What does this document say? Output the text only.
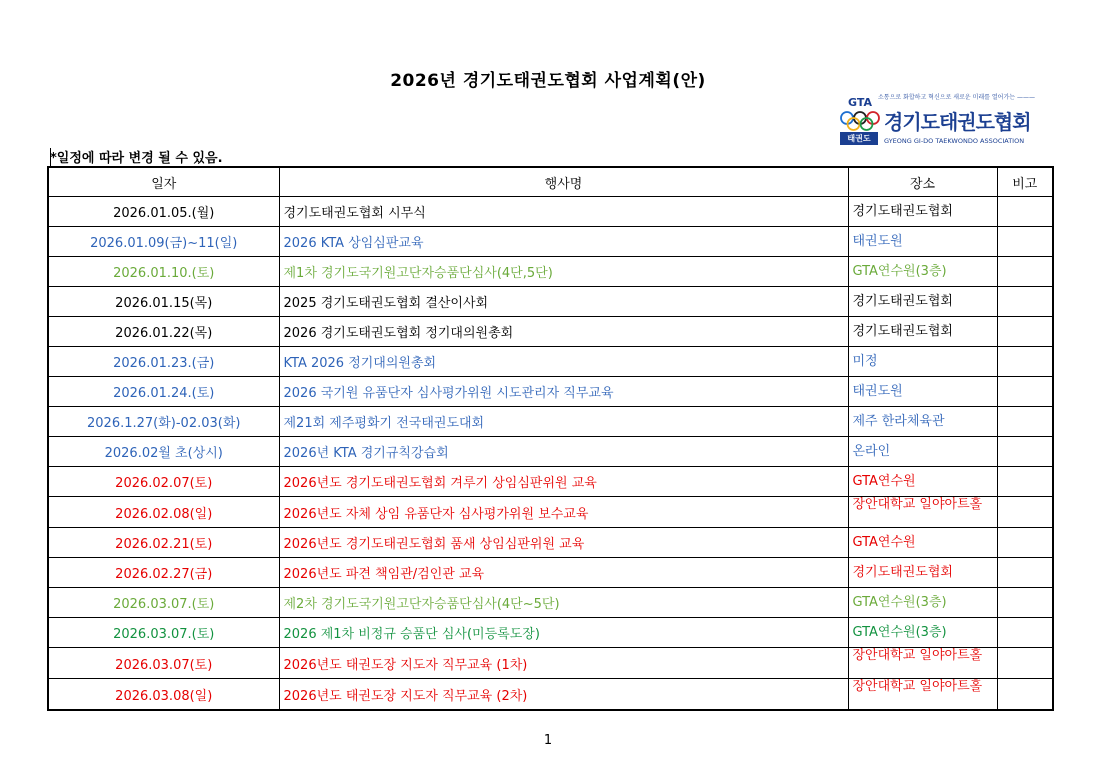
2026년 경기도태권도협회 사업계획(안)
GTA 소통으로 화합하고 혁신으로 새로운 미래를 열어가는 ———
태권도
경기도태권도협회
GYEONG GI-DO TAEKWONDO ASSOCIATION
*일정에 따라 변경 될 수 있음.
일자	행사명	장소	비고
2026.01.05.(월)	경기도태권도협회 시무식	경기도태권도협회	

2026.01.09(금)~11(일)	2026 KTA 상임심판교육	태권도원	

2026.01.10.(토)	제1차 경기도국기원고단자승품단심사(4단,5단)	GTA연수원(3층)	

2026.01.15(목)	2025 경기도태권도협회 결산이사회	경기도태권도협회	

2026.01.22(목)	2026 경기도태권도협회 정기대의원총회	경기도태권도협회	

2026.01.23.(금)	KTA 2026 정기대의원총회	미정	

2026.01.24.(토)	2026 국기원 유품단자 심사평가위원 시도관리자 직무교육	태권도원	

2026.1.27(화)-02.03(화)	제21회 제주평화기 전국태권도대회	제주 한라체육관	

2026.02월 초(상시)	2026년 KTA 경기규칙강습회	온라인	

2026.02.07(토)	2026년도 경기도태권도협회 겨루기 상임심판위원 교육	GTA연수원	

2026.02.08(일)	2026년도 자체 상임 유품단자 심사평가위원 보수교육	장안대학교 일야아트홀	

2026.02.21(토)	2026년도 경기도태권도협회 품새 상임심판위원 교육	GTA연수원	

2026.02.27(금)	2026년도 파견 책임관/검인관 교육	경기도태권도협회	

2026.03.07.(토)	제2차 경기도국기원고단자승품단심사(4단~5단)	GTA연수원(3층)	

2026.03.07.(토)	2026 제1차 비정규 승품단 심사(미등록도장)	GTA연수원(3층)	

2026.03.07(토)	2026년도 태권도장 지도자 직무교육 (1차)	장안대학교 일야아트홀	

2026.03.08(일)	2026년도 태권도장 지도자 직무교육 (2차)	장안대학교 일야아트홀	

1
